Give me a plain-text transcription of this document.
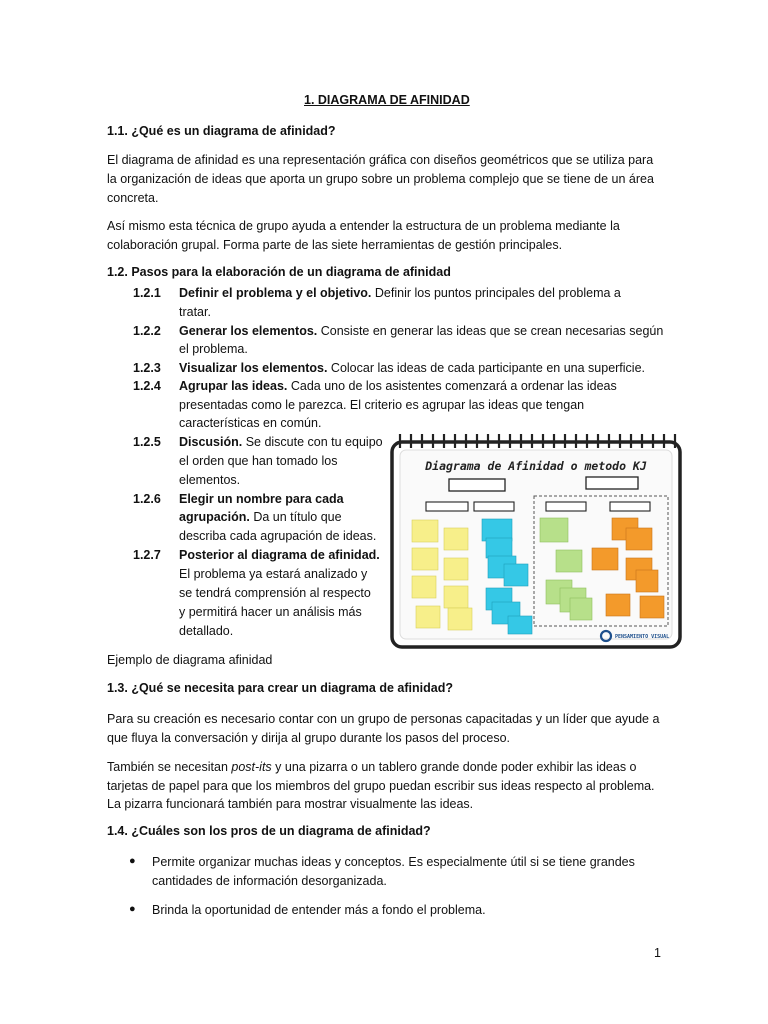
1. DIAGRAMA DE AFINIDAD
1.1. ¿Qué es un diagrama de afinidad?
El diagrama de afinidad es una representación gráfica con diseños geométricos que se utiliza para
la organización de ideas que aporta un grupo sobre un problema complejo que se tiene de un área
concreta.
Así mismo esta técnica de grupo ayuda a entender la estructura de un problema mediante la
colaboración grupal. Forma parte de las siete herramientas de gestión principales.
1.2. Pasos para la elaboración de un diagrama de afinidad
1.2.1 Definir el problema y el objetivo. Definir los puntos principales del problema a
tratar.
1.2.2 Generar los elementos. Consiste en generar las ideas que se crean necesarias según
el problema.
1.2.3 Visualizar los elementos. Colocar las ideas de cada participante en una superficie.
1.2.4 Agrupar las ideas. Cada uno de los asistentes comenzará a ordenar las ideas
presentadas como le parezca. El criterio es agrupar las ideas que tengan
características en común.
1.2.5 Discusión. Se discute con tu equipo
el orden que han tomado los
elementos.
1.2.6 Elegir un nombre para cada
agrupación. Da un título que
describa cada agrupación de ideas.
1.2.7 Posterior al diagrama de afinidad.
El problema ya estará analizado y
se tendrá comprensión al respecto
y permitirá hacer un análisis más
detallado.
Diagrama de Afinidad o metodo KJ
PENSAMIENTO VISUAL
Ejemplo de diagrama afinidad
1.3. ¿Qué se necesita para crear un diagrama de afinidad?
Para su creación es necesario contar con un grupo de personas capacitadas y un líder que ayude a
que fluya la conversación y dirija al grupo durante los pasos del proceso.
También se necesitan post-its y una pizarra o un tablero grande donde poder exhibir las ideas o
tarjetas de papel para que los miembros del grupo puedan escribir sus ideas respecto al problema.
La pizarra funcionará también para mostrar visualmente las ideas.
1.4. ¿Cuáles son los pros de un diagrama de afinidad?
● Permite organizar muchas ideas y conceptos. Es especialmente útil si se tiene grandes
cantidades de información desorganizada.
● Brinda la oportunidad de entender más a fondo el problema.
1
